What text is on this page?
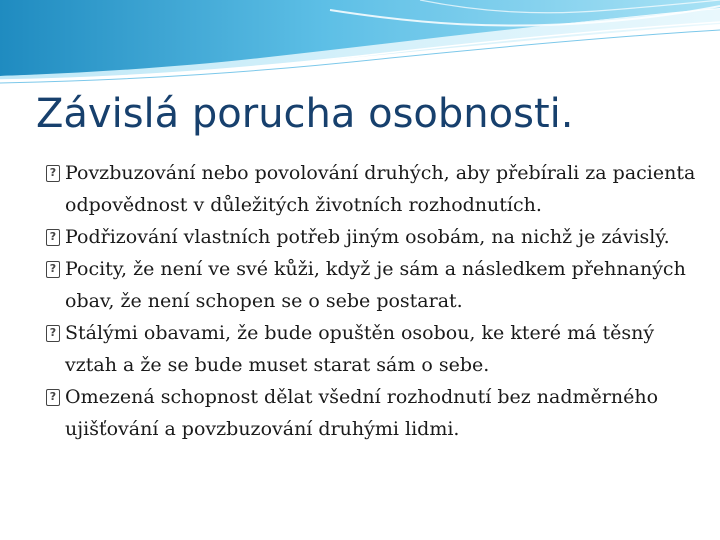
Závislá porucha osobnosti.
?
Povzbuzování nebo povolování druhých, aby přebírali za pacienta odpovědnost v důležitých životních rozhodnutích.
?
Podřizování vlastních potřeb jiným osobám, na nichž je závislý.
?
Pocity, že není ve své kůži, když je sám a následkem přehnaných obav, že není schopen se o sebe postarat.
?
Stálými obavami, že bude opuštěn osobou, ke které má těsný vztah a že se bude muset starat sám o sebe.
?
Omezená schopnost dělat všední rozhodnutí bez nadměrného ujišťování a povzbuzování druhými lidmi.
